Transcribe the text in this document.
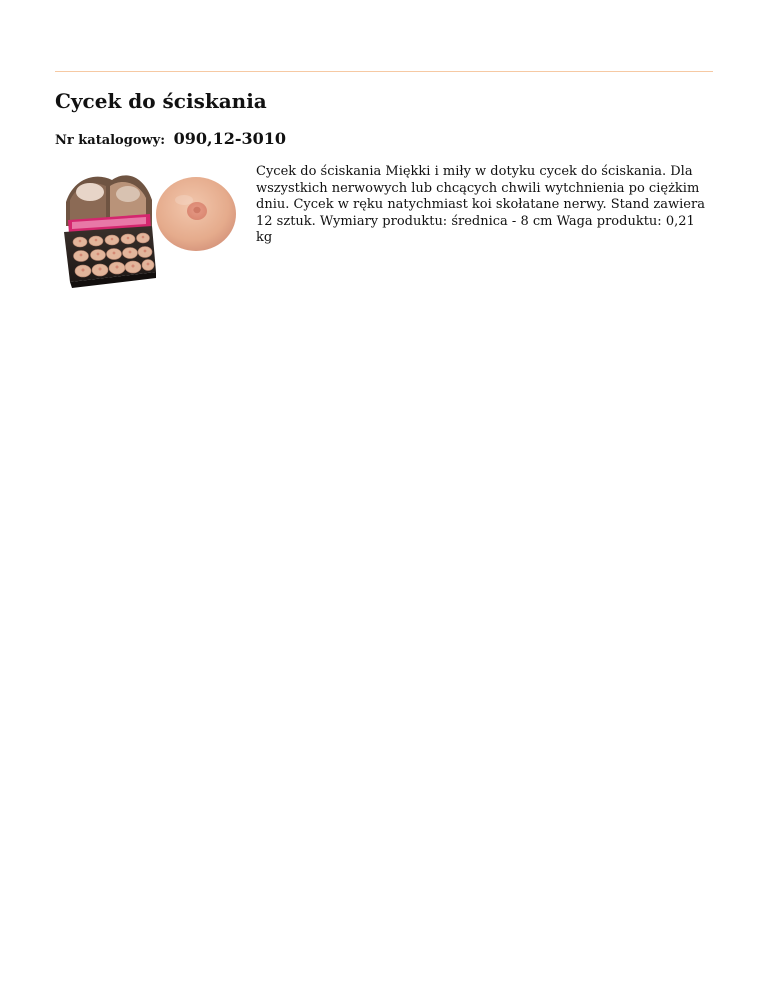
Cycek do ściskania
Nr katalogowy: 090,12-3010

Cycek do ściskania Miękki i miły w dotyku cycek do ściskania. Dla
wszystkich nerwowych lub chcących chwili wytchnienia po ciężkim
dniu. Cycek w ręku natychmiast koi skołatane nerwy. Stand zawiera
12 sztuk. Wymiary produktu: średnica - 8 cm Waga produktu: 0,21
kg
